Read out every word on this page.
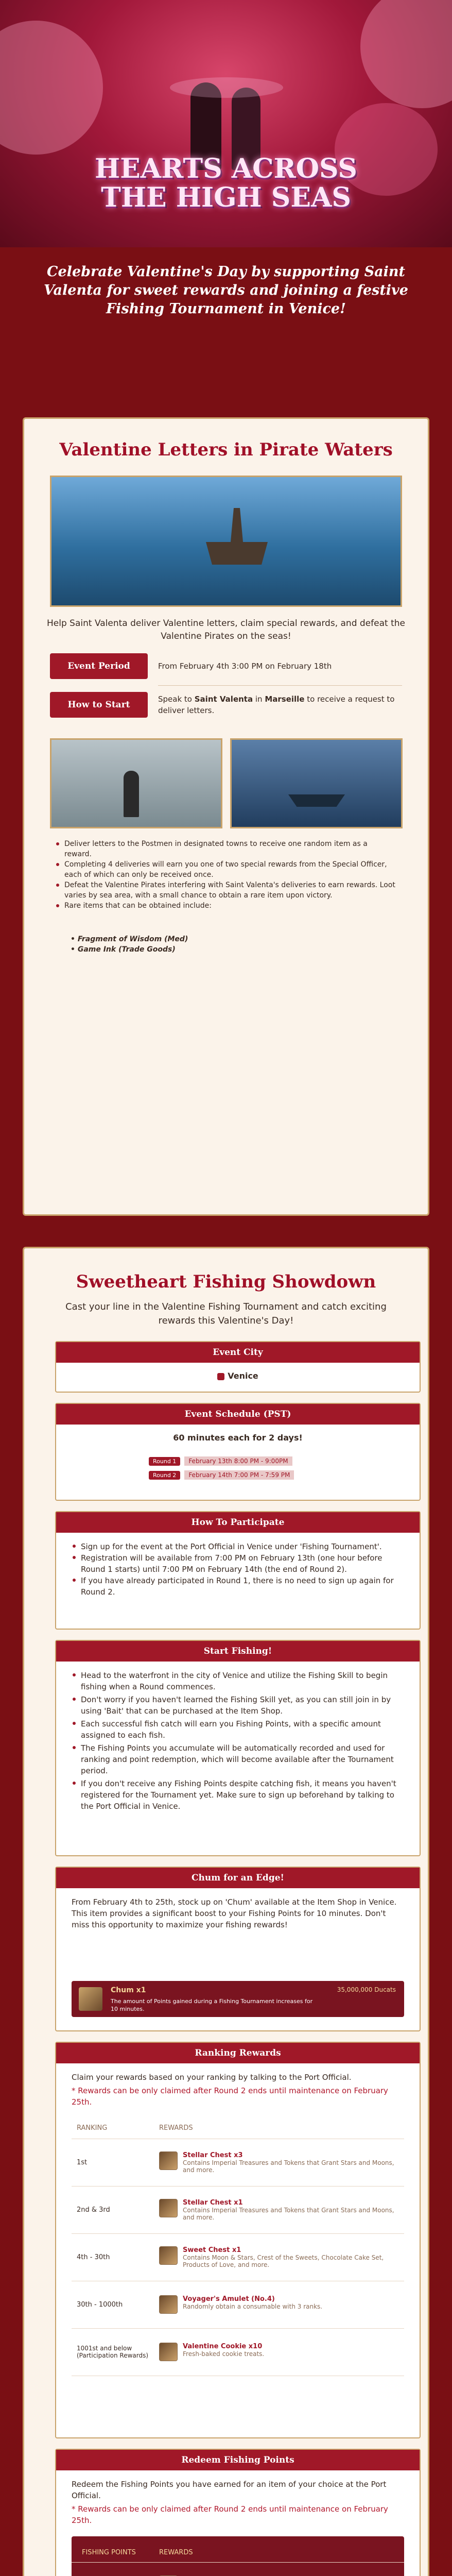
HEARTS ACROSS
THE HIGH SEAS
Celebrate Valentine's Day by supporting Saint Valenta for sweet rewards and joining a festive Fishing Tournament in Venice!
Valentine Letters in Pirate Waters
Help Saint Valenta deliver Valentine letters, claim special rewards, and defeat the Valentine Pirates on the seas!
Event Period	From February 4th 3:00 PM on February 18th
How to Start
Speak to Saint Valenta in Marseille to receive a request to deliver letters.
Deliver letters to the Postmen in designated towns to receive one random item as a reward.
Completing 4 deliveries will earn you one of two special rewards from the Special Officer, each of which can only be received once.
Defeat the Valentine Pirates interfering with Saint Valenta's deliveries to earn rewards. Loot varies by sea area, with a small chance to obtain a rare item upon victory.
Rare items that can be obtained include:
• Fragment of Wisdom (Med)
• Game Ink (Trade Goods)
Sweetheart Fishing Showdown
Cast your line in the Valentine Fishing Tournament and catch exciting rewards this Valentine's Day!
Event City
Venice
Event Schedule (PST)
60 minutes each for 2 days!
Round 1 February 13th 8:00 PM - 9:00PM
Round 2 February 14th 7:00 PM - 7:59 PM
How To Participate
Sign up for the event at the Port Official in Venice under 'Fishing Tournament'.
Registration will be available from 7:00 PM on February 13th (one hour before Round 1 starts) until 7:00 PM on February 14th (the end of Round 2).
If you have already participated in Round 1, there is no need to sign up again for Round 2.
Start Fishing!
Head to the waterfront in the city of Venice and utilize the Fishing Skill to begin fishing when a Round commences.
Don't worry if you haven't learned the Fishing Skill yet, as you can still join in by using 'Bait' that can be purchased at the Item Shop.
Each successful fish catch will earn you Fishing Points, with a specific amount assigned to each fish.
The Fishing Points you accumulate will be automatically recorded and used for ranking and point redemption, which will become available after the Tournament period.
If you don't receive any Fishing Points despite catching fish, it means you haven't registered for the Tournament yet. Make sure to sign up beforehand by talking to the Port Official in Venice.
Chum for an Edge!
From February 4th to 25th, stock up on 'Chum' available at the Item Shop in Venice. This item provides a significant boost to your Fishing Points for 10 minutes. Don't miss this opportunity to maximize your fishing rewards!
Chum x1
The amount of Points gained during a Fishing Tournament increases for 10 minutes.
35,000,000 Ducats
Ranking Rewards
Claim your rewards based on your ranking by talking to the Port Official.
* Rewards can be only claimed after Round 2 ends until maintenance on February 25th.
RANKING	REWARDS
1st	Stellar Chest x3
Contains Imperial Treasures and Tokens that Grant Stars and Moons, and more.

2nd & 3rd	Stellar Chest x1
Contains Imperial Treasures and Tokens that Grant Stars and Moons, and more.

4th - 30th	Sweet Chest x1
Contains Moon & Stars, Crest of the Sweets, Chocolate Cake Set, Products of Love, and more.

30th - 1000th	Voyager's Amulet (No.4)
Randomly obtain a consumable with 3 ranks.

1001st and below (Participation Rewards)	Valentine Cookie x10
Fresh-baked cookie treats.
Redeem Fishing Points
Redeem the Fishing Points you have earned for an item of your choice at the Port Official.
* Rewards can be only claimed after Round 2 ends until maintenance on February 25th.
FISHING POINTS	REWARDS
